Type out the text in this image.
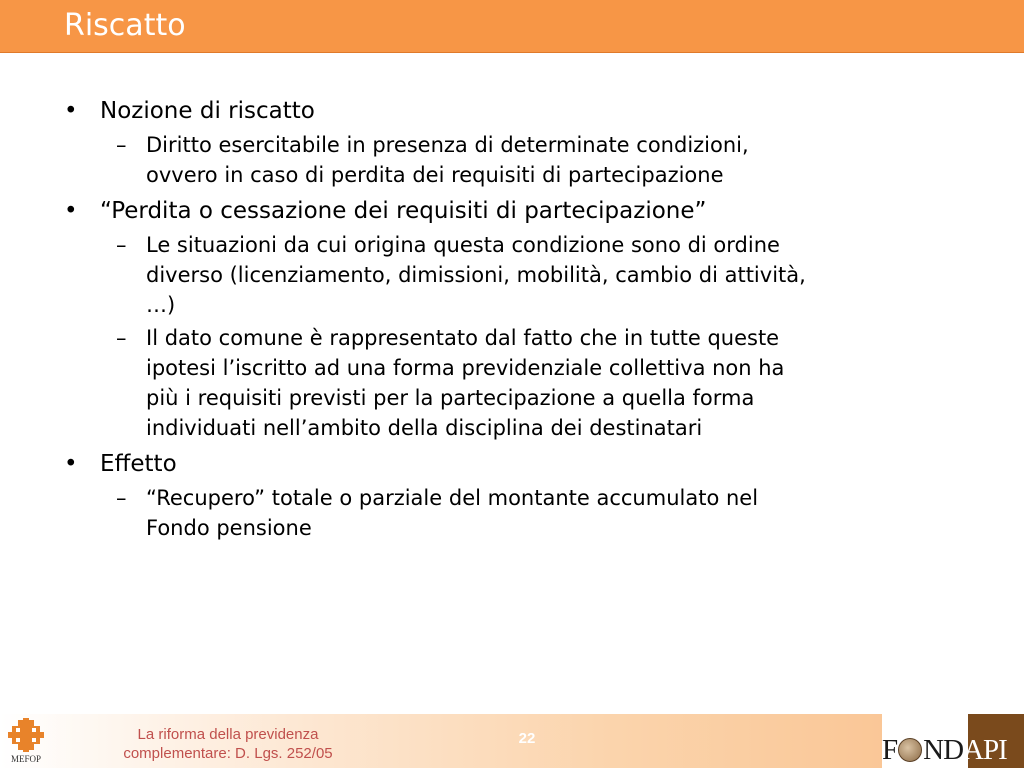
Riscatto
• Nozione di riscatto
– Diritto esercitabile in presenza di determinate condizioni,
ovvero in caso di perdita dei requisiti di partecipazione
• “Perdita o cessazione dei requisiti di partecipazione”
– Le situazioni da cui origina questa condizione sono di ordine
diverso (licenziamento, dimissioni, mobilità, cambio di attività,
…)
– Il dato comune è rappresentato dal fatto che in tutte queste
ipotesi l’iscritto ad una forma previdenziale collettiva non ha
più i requisiti previsti per la partecipazione a quella forma
individuati nell’ambito della disciplina dei destinatari
• Effetto
– “Recupero” totale o parziale del montante accumulato nel
Fondo pensione
MEFOP
La riforma della previdenza
complementare: D. Lgs. 252/05
22	F NDAPI
